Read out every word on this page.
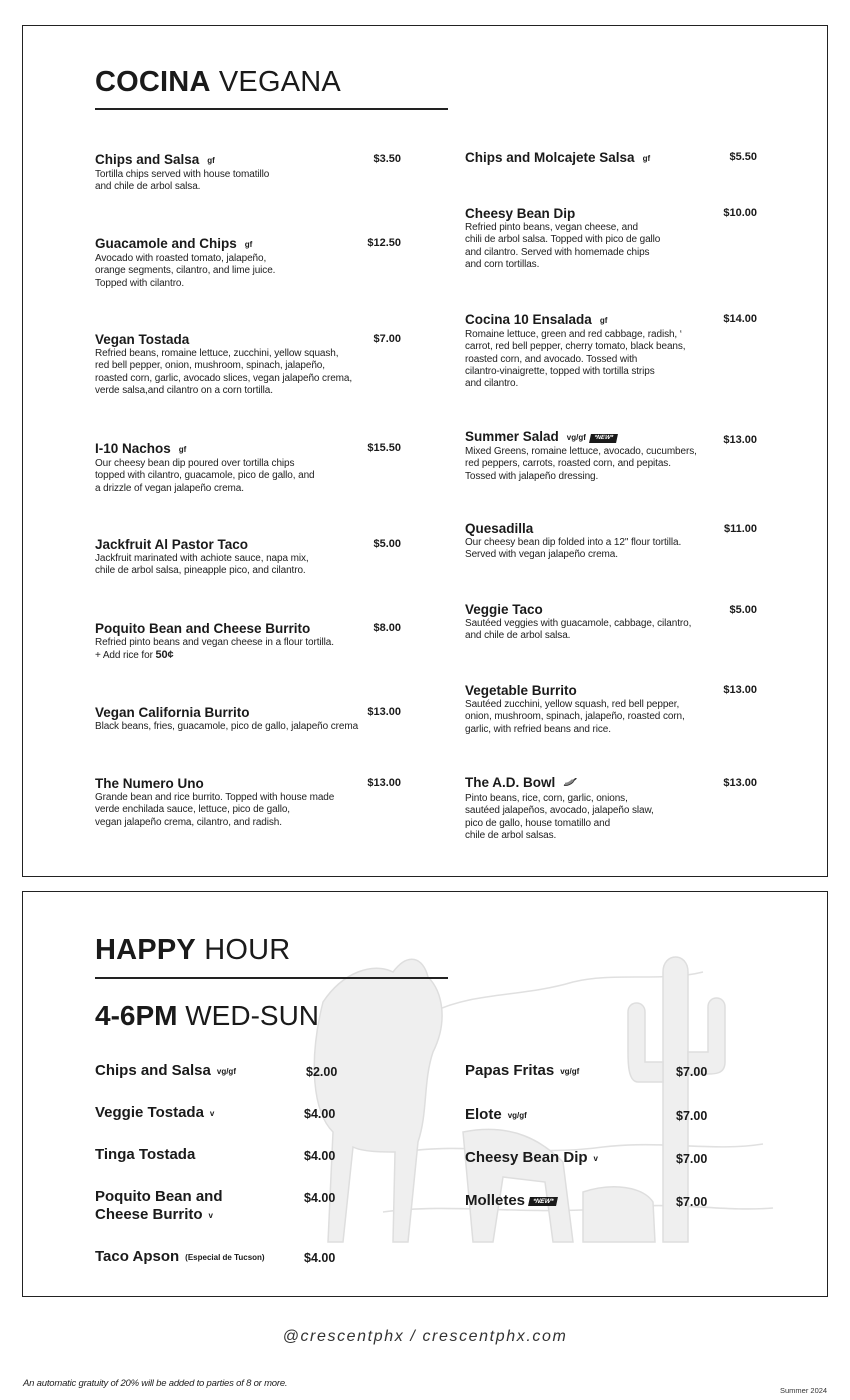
COCINA VEGANA
Chips and Salsa gf
Tortilla chips served with house tomatillo
and chile de arbol salsa.
$3.50
Guacamole and Chips gf
Avocado with roasted tomato, jalapeño,
orange segments, cilantro, and lime juice.
Topped with cilantro.
$12.50
Vegan Tostada
Refried beans, romaine lettuce, zucchini, yellow squash,
red bell pepper, onion, mushroom, spinach, jalapeño,
roasted corn, garlic, avocado slices, vegan jalapeño crema,
verde salsa,and cilantro on a corn tortilla.
$7.00
I-10 Nachos gf
Our cheesy bean dip poured over tortilla chips
topped with cilantro, guacamole, pico de gallo, and
a drizzle of vegan jalapeño crema.
$15.50
Jackfruit Al Pastor Taco
Jackfruit marinated with achiote sauce, napa mix,
chile de arbol salsa, pineapple pico, and cilantro.
$5.00
Poquito Bean and Cheese Burrito
Refried pinto beans and vegan cheese in a flour tortilla.
+ Add rice for 50¢
$8.00
Vegan California Burrito
Black beans, fries, guacamole, pico de gallo, jalapeño crema
$13.00
The Numero Uno
Grande bean and rice burrito. Topped with house made
verde enchilada sauce, lettuce, pico de gallo,
vegan jalapeño crema, cilantro, and radish.
$13.00
Chips and Molcajete Salsa gf	$5.50
Cheesy Bean Dip
Refried pinto beans, vegan cheese, and
chili de arbol salsa. Topped with pico de gallo
and cilantro. Served with homemade chips
and corn tortillas.
$10.00
Cocina 10 Ensalada gf
Romaine lettuce, green and red cabbage, radish, ‘
carrot, red bell pepper, cherry tomato, black beans,
roasted corn, and avocado. Tossed with
cilantro-vinaigrette, topped with tortilla strips
and cilantro.
$14.00
Summer Salad vg/gf *NEW*
Mixed Greens, romaine lettuce, avocado, cucumbers,
red peppers, carrots, roasted corn, and pepitas.
Tossed with jalapeño dressing.
$13.00
Quesadilla
Our cheesy bean dip folded into a 12" flour tortilla.
Served with vegan jalapeño crema.
$11.00
Veggie Taco
Sautéed veggies with guacamole, cabbage, cilantro,
and chile de arbol salsa.
$5.00
Vegetable Burrito
Sautéed zucchini, yellow squash, red bell pepper,
onion, mushroom, spinach, jalapeño, roasted corn,
garlic, with refried beans and rice.
$13.00
The A.D. Bowl
Pinto beans, rice, corn, garlic, onions,
sautéed jalapeños, avocado, jalapeño slaw,
pico de gallo, house tomatillo and
chile de arbol salsas.
$13.00
HAPPY HOUR
4-6PM WED-SUN
Chips and Salsa vg/gf	$2.00
Veggie Tostada v	$4.00
Tinga Tostada	$4.00
Poquito Bean and
Cheese Burrito v
$4.00
Taco Apson (Especial de Tucson)	$4.00
Papas Fritas vg/gf	$7.00
Elote vg/gf	$7.00
Cheesy Bean Dip v	$7.00
Molletes *NEW*	$7.00
@crescentphx / crescentphx.com
An automatic gratuity of 20% will be added to parties of 8 or more.
Summer 2024
